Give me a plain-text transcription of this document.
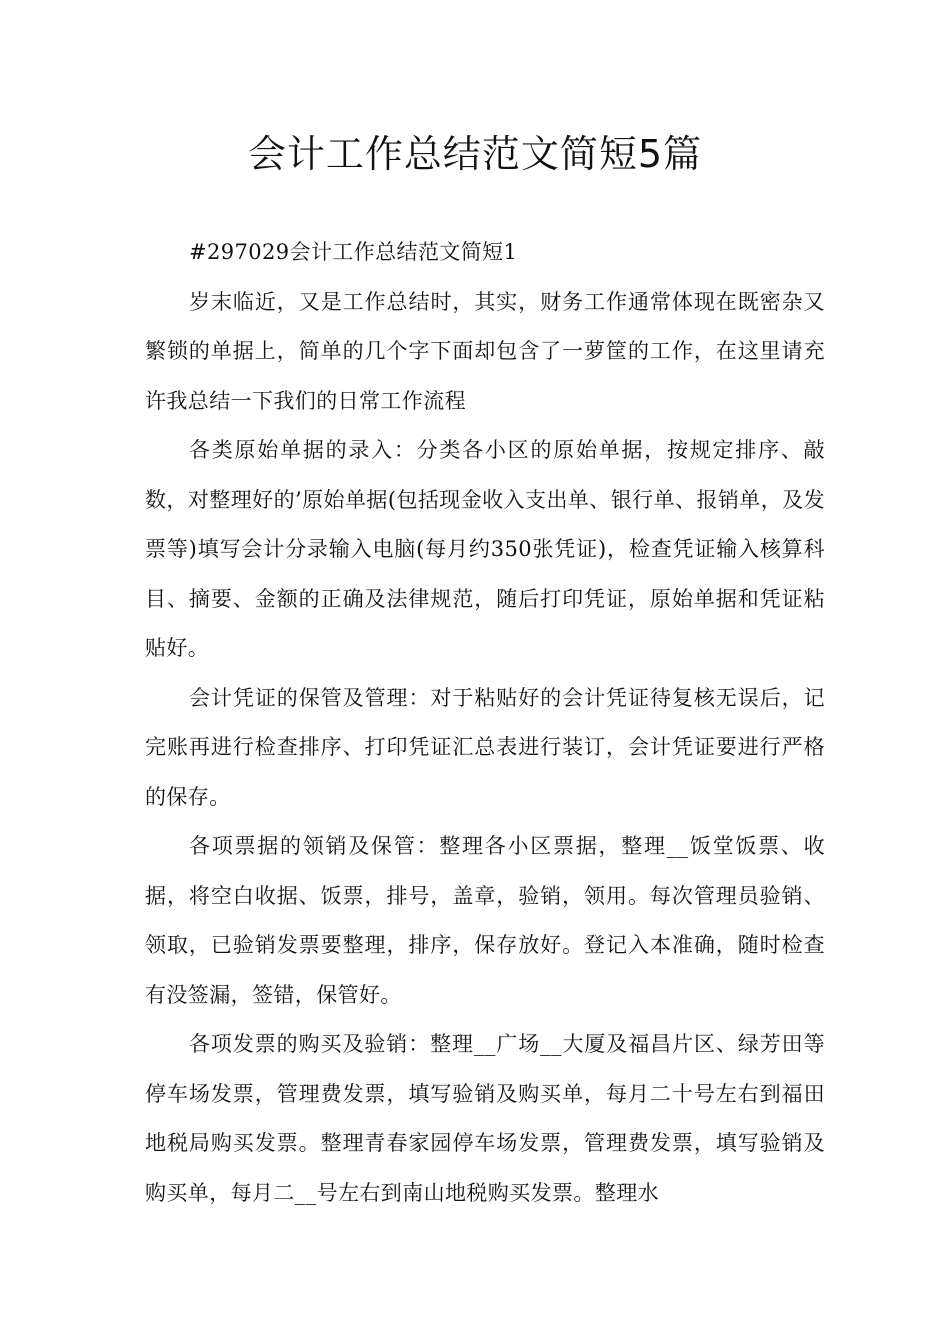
会计工作总结范文简短5篇

#297029会计工作总结范文简短1

岁末临近，又是工作总结时，其实，财务工作通常体现在既密杂又繁锁的单据上，简单的几个字下面却包含了一萝筐的工作，在这里请充许我总结一下我们的日常工作流程

各类原始单据的录入：分类各小区的原始单据，按规定排序、敲数，对整理好的’原始单据(包括现金收入支出单、银行单、报销单，及发票等)填写会计分录输入电脑(每月约350张凭证)，检查凭证输入核算科目、摘要、金额的正确及法律规范，随后打印凭证，原始单据和凭证粘贴好。

会计凭证的保管及管理：对于粘贴好的会计凭证待复核无误后，记完账再进行检查排序、打印凭证汇总表进行装订，会计凭证要进行严格的保存。

各项票据的领销及保管：整理各小区票据，整理__饭堂饭票、收据，将空白收据、饭票，排号，盖章，验销，领用。每次管理员验销、领取，已验销发票要整理，排序，保存放好。登记入本准确，随时检查有没签漏，签错，保管好。

各项发票的购买及验销：整理__广场__大厦及福昌片区、绿芳田等停车场发票，管理费发票，填写验销及购买单，每月二十号左右到福田地税局购买发票。整理青春家园停车场发票，管理费发票，填写验销及购买单，每月二__号左右到南山地税购买发票。整理水
